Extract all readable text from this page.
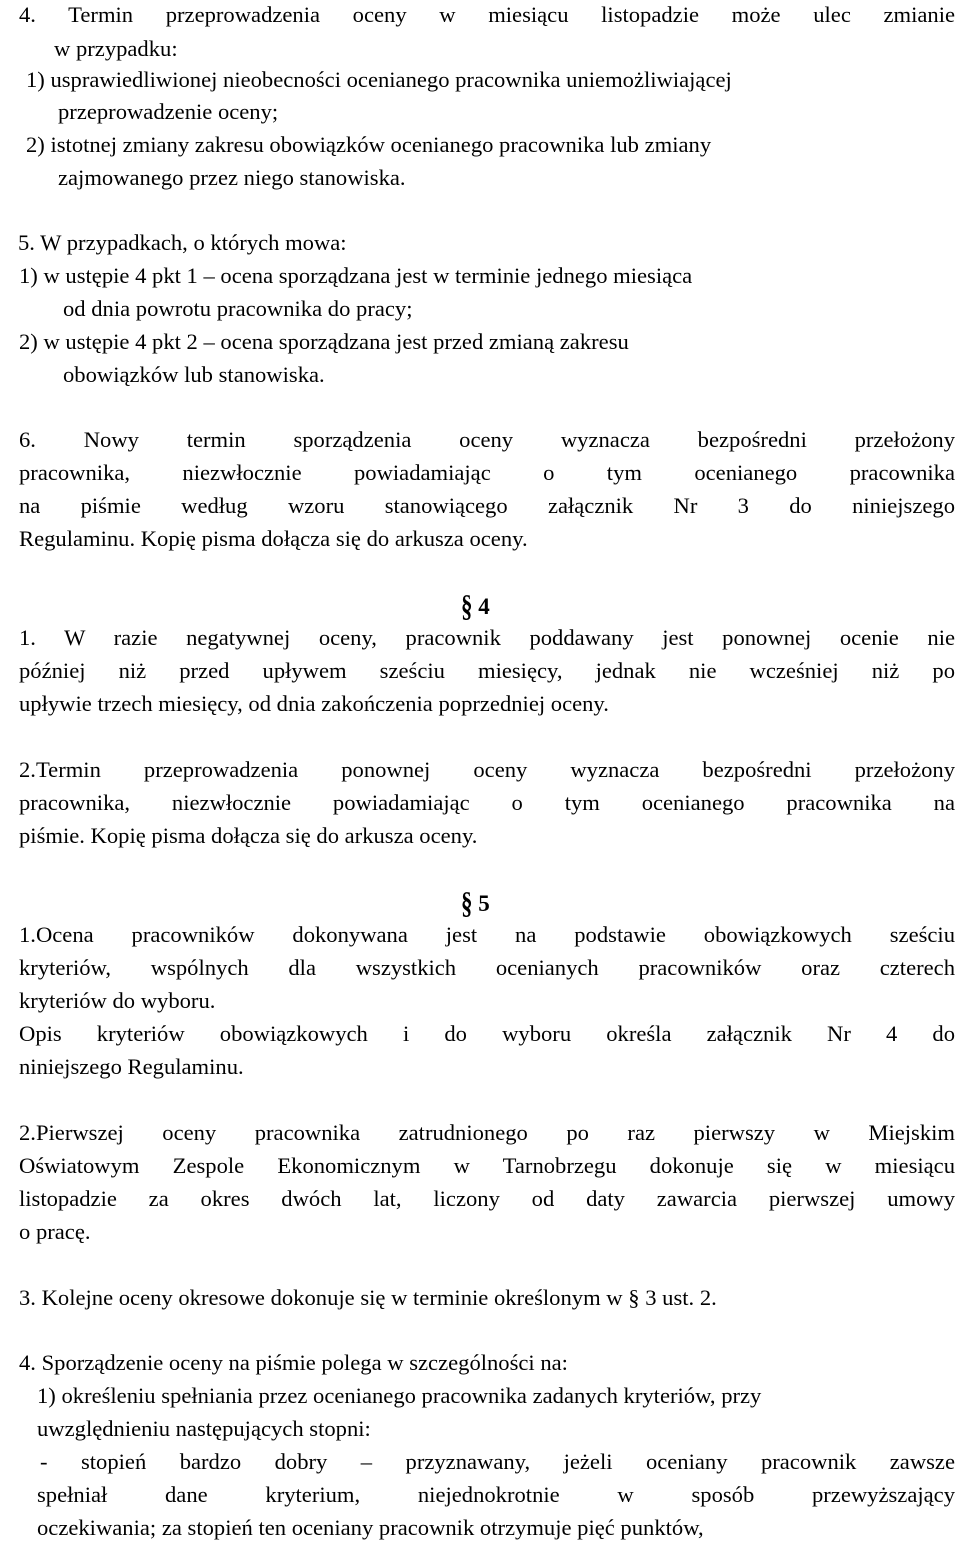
4. Termin przeprowadzenia oceny w miesiącu listopadzie może ulec zmianie
w przypadku:
1) usprawiedliwionej nieobecności ocenianego pracownika uniemożliwiającej
przeprowadzenie oceny;
2) istotnej zmiany zakresu obowiązków ocenianego pracownika lub zmiany
zajmowanego przez niego stanowiska.
5. W przypadkach, o których mowa:
1) w ustępie 4 pkt 1 – ocena sporządzana jest w terminie jednego miesiąca
od dnia powrotu pracownika do pracy;
2) w ustępie 4 pkt 2 – ocena sporządzana jest przed zmianą zakresu
obowiązków lub stanowiska.
6. Nowy termin sporządzenia oceny wyznacza bezpośredni przełożony
pracownika, niezwłocznie powiadamiając o tym ocenianego pracownika
na piśmie według wzoru stanowiącego załącznik Nr 3 do niniejszego
Regulaminu. Kopię pisma dołącza się do arkusza oceny.
§ 4
1. W razie negatywnej oceny, pracownik poddawany jest ponownej ocenie nie
później niż przed upływem sześciu miesięcy, jednak nie wcześniej niż po
upływie trzech miesięcy, od dnia zakończenia poprzedniej oceny.
2.Termin przeprowadzenia ponownej oceny wyznacza bezpośredni przełożony
pracownika, niezwłocznie powiadamiając o tym ocenianego pracownika na
piśmie. Kopię pisma dołącza się do arkusza oceny.
§ 5
1.Ocena pracowników dokonywana jest na podstawie obowiązkowych sześciu
kryteriów, wspólnych dla wszystkich ocenianych pracowników oraz czterech
kryteriów do wyboru.
Opis kryteriów obowiązkowych i do wyboru określa załącznik Nr 4 do
niniejszego Regulaminu.
2.Pierwszej oceny pracownika zatrudnionego po raz pierwszy w Miejskim
Oświatowym Zespole Ekonomicznym w Tarnobrzegu dokonuje się w miesiącu
listopadzie za okres dwóch lat, liczony od daty zawarcia pierwszej umowy
o pracę.
3. Kolejne oceny okresowe dokonuje się w terminie określonym w § 3 ust. 2.
4. Sporządzenie oceny na piśmie polega w szczególności na:
1) określeniu spełniania przez ocenianego pracownika zadanych kryteriów, przy
uwzględnieniu następujących stopni:
- stopień bardzo dobry – przyznawany, jeżeli oceniany pracownik zawsze
spełniał dane kryterium, niejednokrotnie w sposób przewyższający
oczekiwania; za stopień ten oceniany pracownik otrzymuje pięć punktów,
